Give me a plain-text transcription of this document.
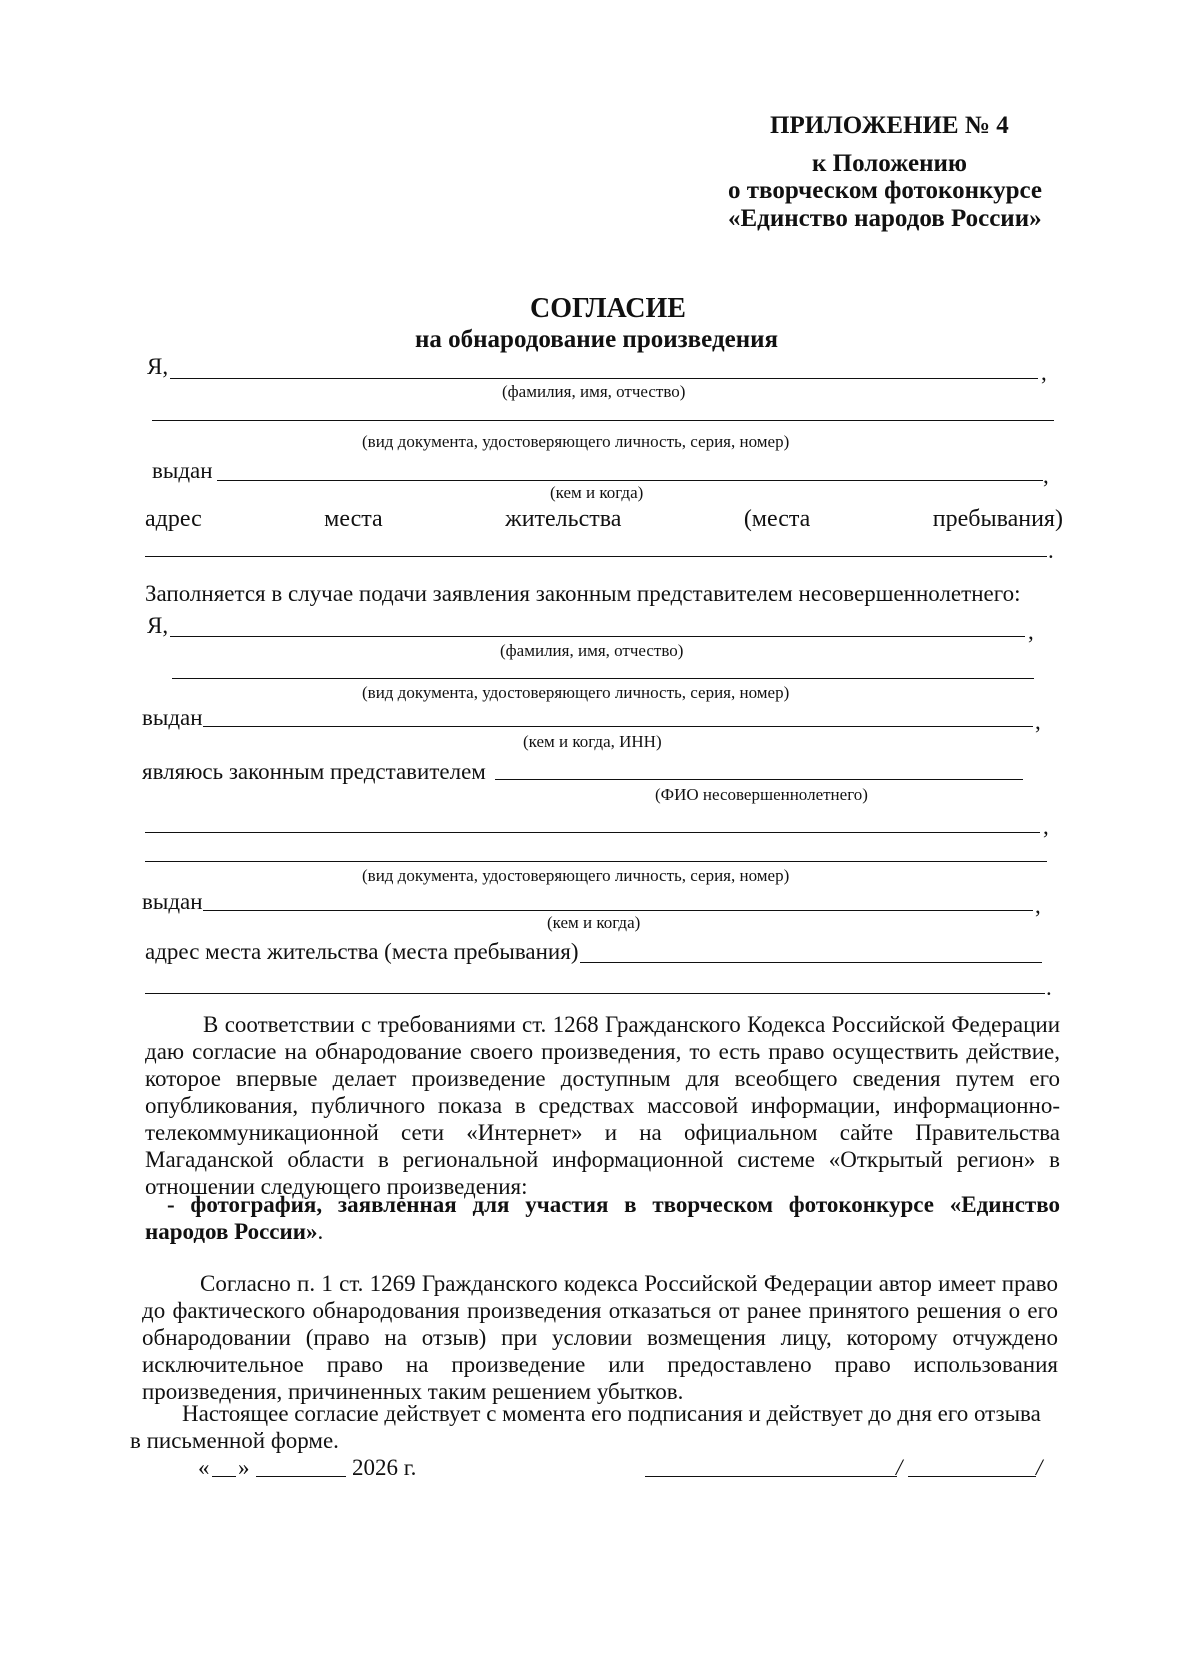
ПРИЛОЖЕНИЕ № 4
к Положению
о творческом фотоконкурсе
«Единство народов России»
СОГЛАСИЕ
на обнародование произведения
Я,	,
(фамилия, имя, отчество)
(вид документа, удостоверяющего личность, серия, номер)
выдан	,
(кем и когда)
адрес	места	жительства	(места	пребывания)
.
Заполняется в случае подачи заявления законным представителем несовершеннолетнего:
Я,	,
(фамилия, имя, отчество)
(вид документа, удостоверяющего личность, серия, номер)
выдан	,
(кем и когда, ИНН)
являюсь законным представителем
(ФИО несовершеннолетнего)
,
(вид документа, удостоверяющего личность, серия, номер)
выдан	,
(кем и когда)
адрес места жительства (места пребывания)
.
В соответствии с требованиями ст. 1268 Гражданского Кодекса Российской Федерации даю согласие на обнародование своего произведения, то есть право осуществить действие, которое впервые делает произведение доступным для всеобщего сведения путем его опубликования, публичного показа в средствах массовой информации, информационно-телекоммуникационной сети «Интернет» и на официальном сайте Правительства Магаданской области в региональной информационной системе «Открытый регион» в отношении следующего произведения:
- фотография, заявленная для участия в творческом фотоконкурсе «Единство народов России».
Согласно п. 1 ст. 1269 Гражданского кодекса Российской Федерации автор имеет право до фактического обнародования произведения отказаться от ранее принятого решения о его обнародовании (право на отзыв) при условии возмещения лицу, которому отчуждено исключительное право на произведение или предоставлено право использования произведения, причиненных таким решением убытков.
Настоящее согласие действует с момента его подписания и действует до дня его отзыва в письменной форме.
« »	2026 г.	/	/
